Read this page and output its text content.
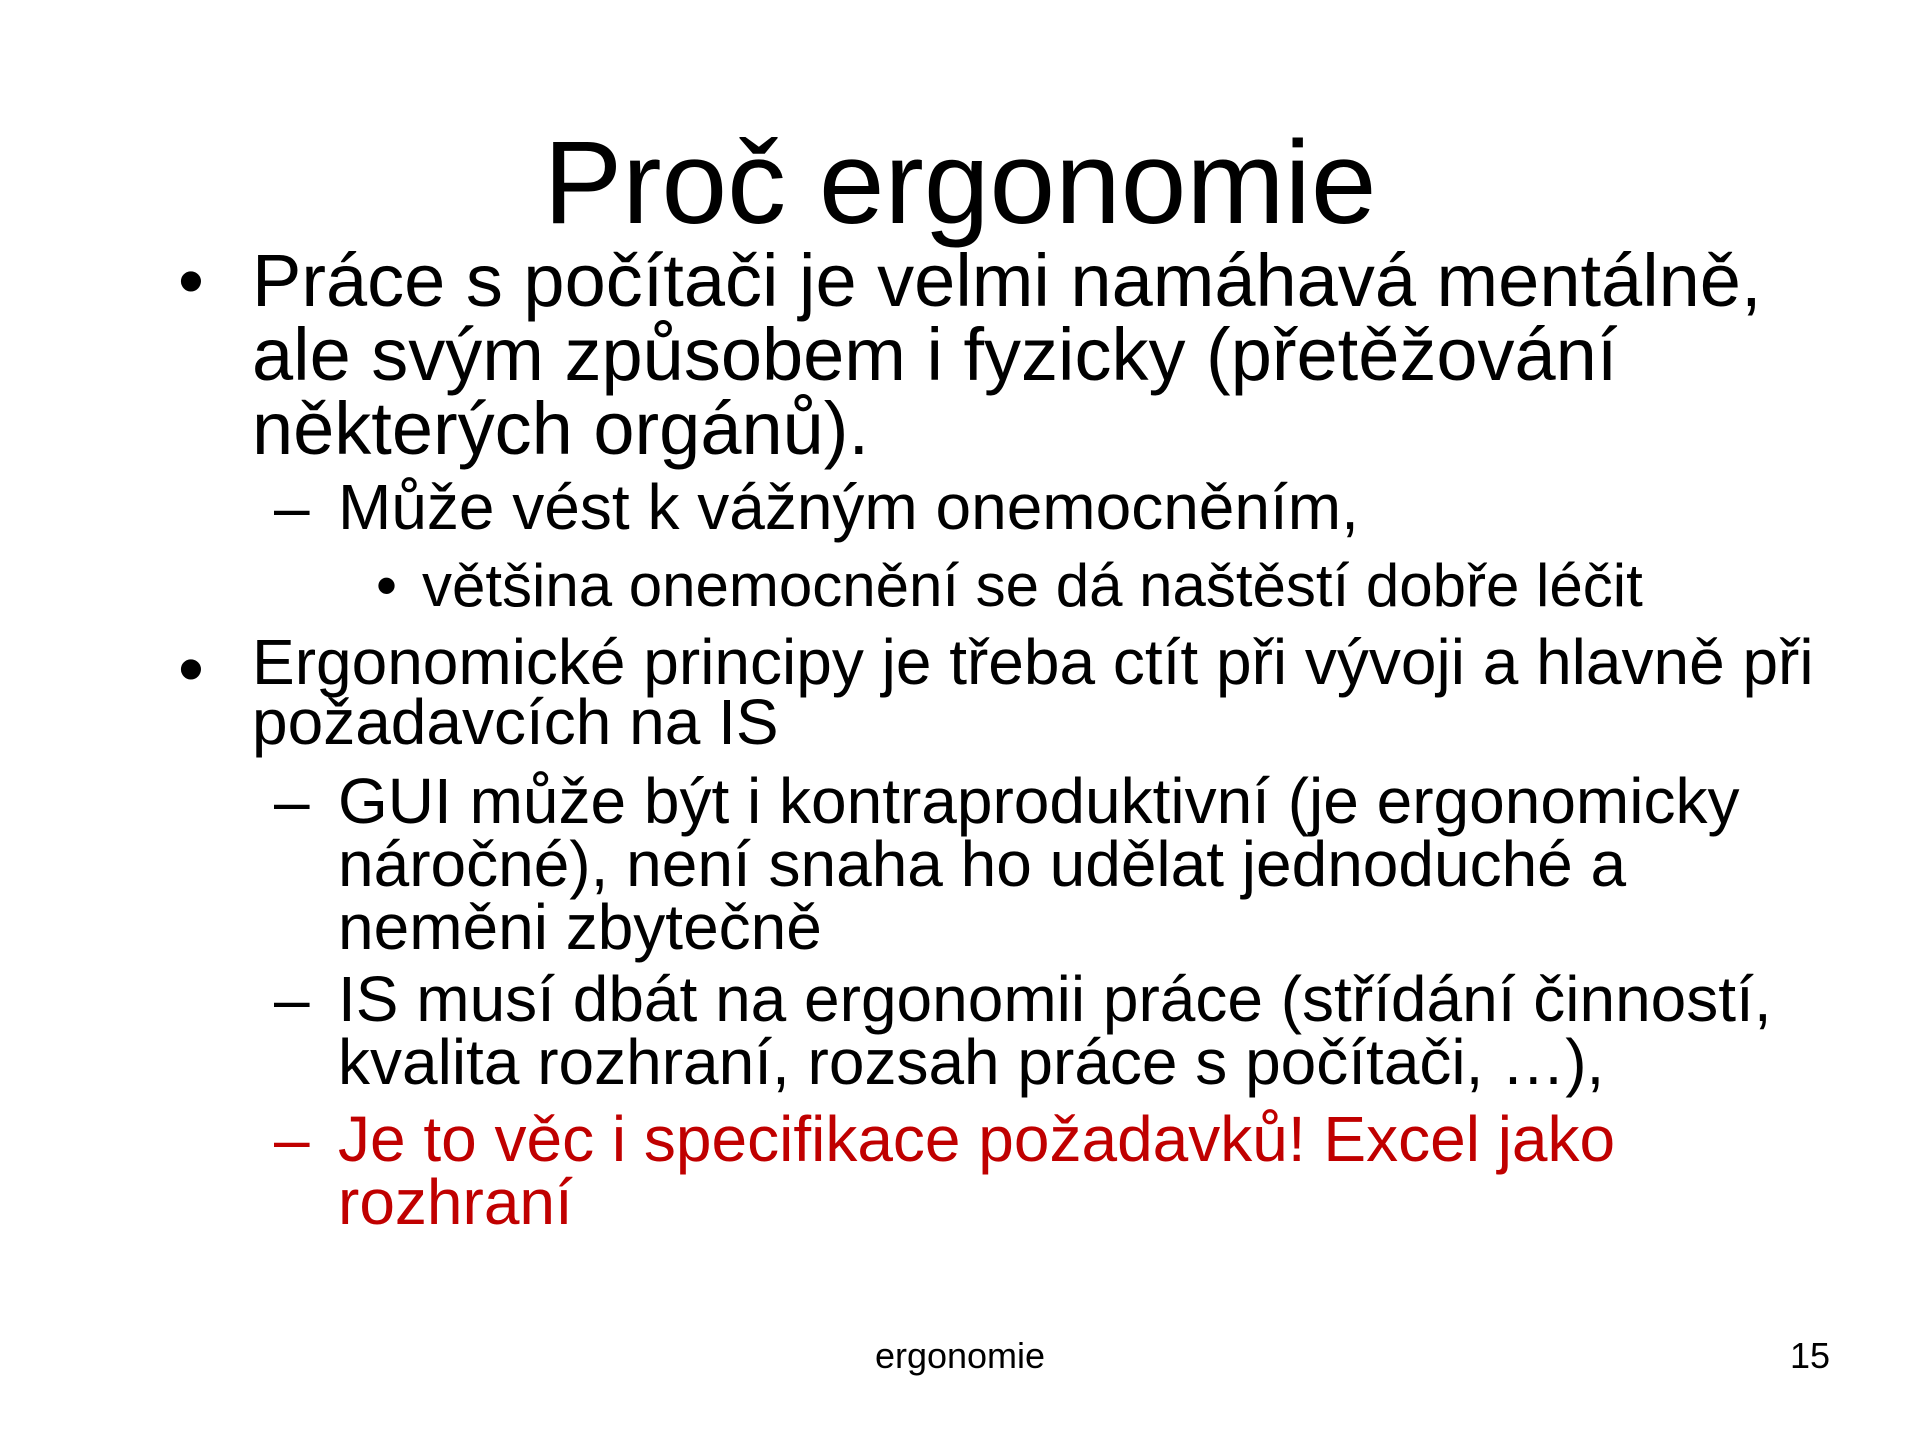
Proč ergonomie
• Práce s počítači je velmi namáhavá mentálně,
ale svým způsobem i fyzicky (přetěžování
některých orgánů).
– Může vést k vážným onemocněním,
• většina onemocnění se dá naštěstí dobře léčit
• Ergonomické principy je třeba ctít při vývoji a hlavně při
požadavcích na IS
– GUI může být i kontraproduktivní (je ergonomicky
náročné), není snaha ho udělat jednoduché a
neměni zbytečně
– IS musí dbát na ergonomii práce (střídání činností,
kvalita rozhraní, rozsah práce s počítači, …),
– Je to věc i specifikace požadavků! Excel jako
rozhraní
ergonomie	15
